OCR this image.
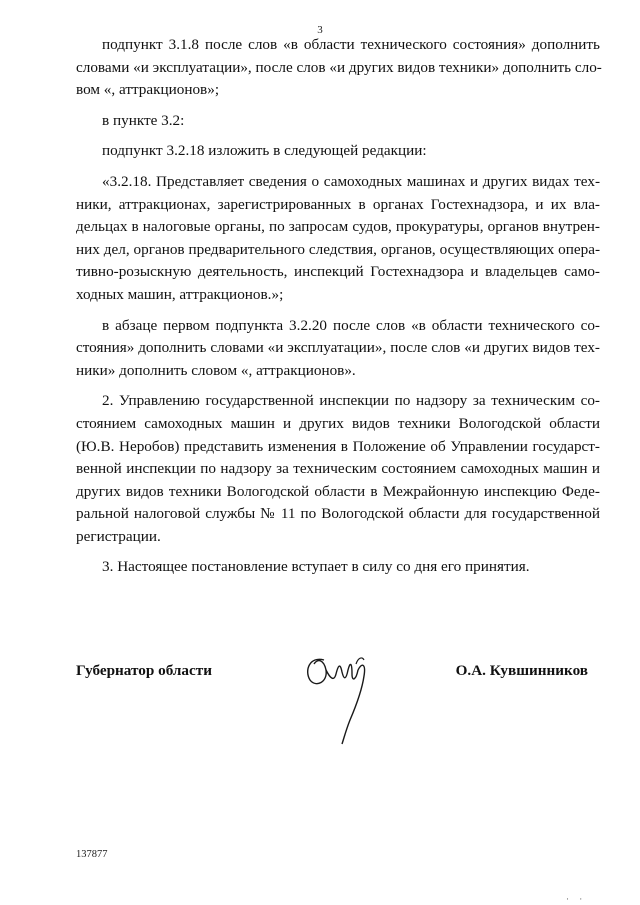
3
подпункт 3.1.8 после слов «в области технического состояния» дополнить
словами «и эксплуатации», после слов «и других видов техники» дополнить сло-
вом «, аттракционов»;
в пункте 3.2:
подпункт 3.2.18 изложить в следующей редакции:
«3.2.18. Представляет сведения о самоходных машинах и других видах тех-
ники, аттракционах, зарегистрированных в органах Гостехнадзора, и их вла-
дельцах в налоговые органы, по запросам судов, прокуратуры, органов внутрен-
них дел, органов предварительного следствия, органов, осуществляющих опера-
тивно-розыскную деятельность, инспекций Гостехнадзора и владельцев само-
ходных машин, аттракционов.»;
в абзаце первом подпункта 3.2.20 после слов «в области технического со-
стояния» дополнить словами «и эксплуатации», после слов «и других видов тех-
ники» дополнить словом «, аттракционов».
2. Управлению государственной инспекции по надзору за техническим со-
стоянием самоходных машин и других видов техники Вологодской области
(Ю.В. Неробов) представить изменения в Положение об Управлении государст-
венной инспекции по надзору за техническим состоянием самоходных машин и
других видов техники Вологодской области в Межрайонную инспекцию Феде-
ральной налоговой службы № 11 по Вологодской области для государственной
регистрации.
3. Настоящее постановление вступает в силу со дня его принятия.
Губернатор области	О.А. Кувшинников
137877
· ·
